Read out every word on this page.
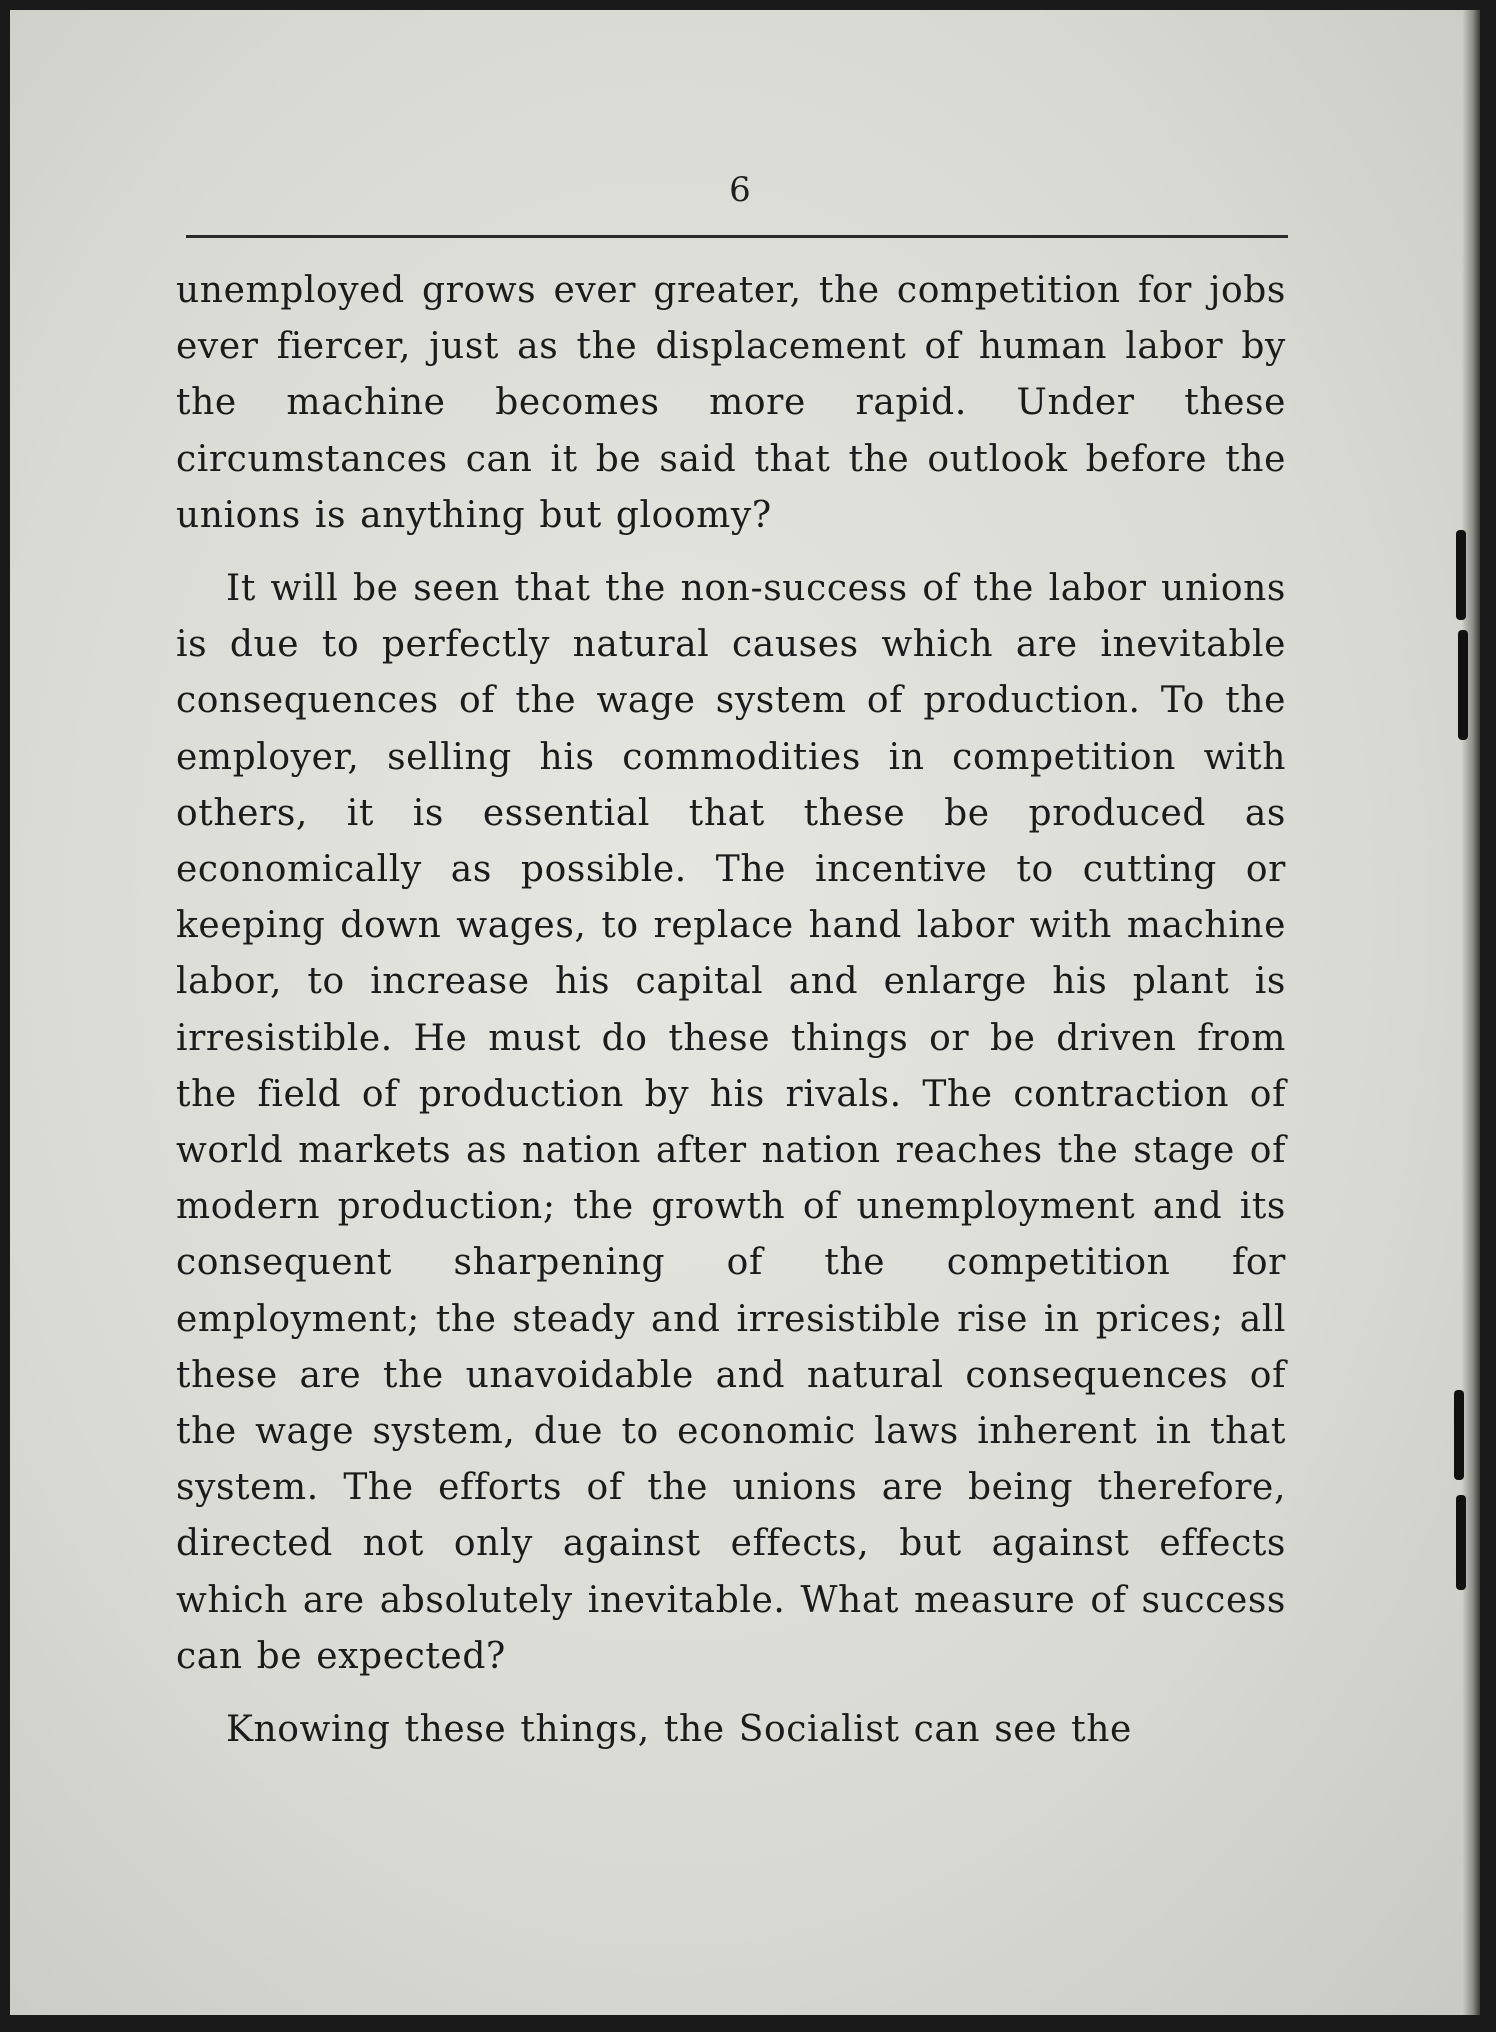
6

unemployed grows ever greater, the competition for jobs ever fiercer, just as the displacement of human labor by the machine becomes more rapid. Under these circumstances can it be said that the outlook before the unions is anything but gloomy?

It will be seen that the non-success of the labor unions is due to perfectly natural causes which are inevitable consequences of the wage system of production. To the employer, selling his commodities in competition with others, it is essential that these be produced as economically as possible. The incentive to cutting or keeping down wages, to replace hand labor with machine labor, to increase his capital and enlarge his plant is irresistible. He must do these things or be driven from the field of production by his rivals. The contraction of world markets as nation after nation reaches the stage of modern production; the growth of unemployment and its consequent sharpening of the competition for employment; the steady and irresistible rise in prices; all these are the unavoidable and natural consequences of the wage system, due to economic laws inherent in that system. The efforts of the unions are being therefore, directed not only against effects, but against effects which are absolutely inevitable. What measure of success can be expected?

Knowing these things, the Socialist can see the
